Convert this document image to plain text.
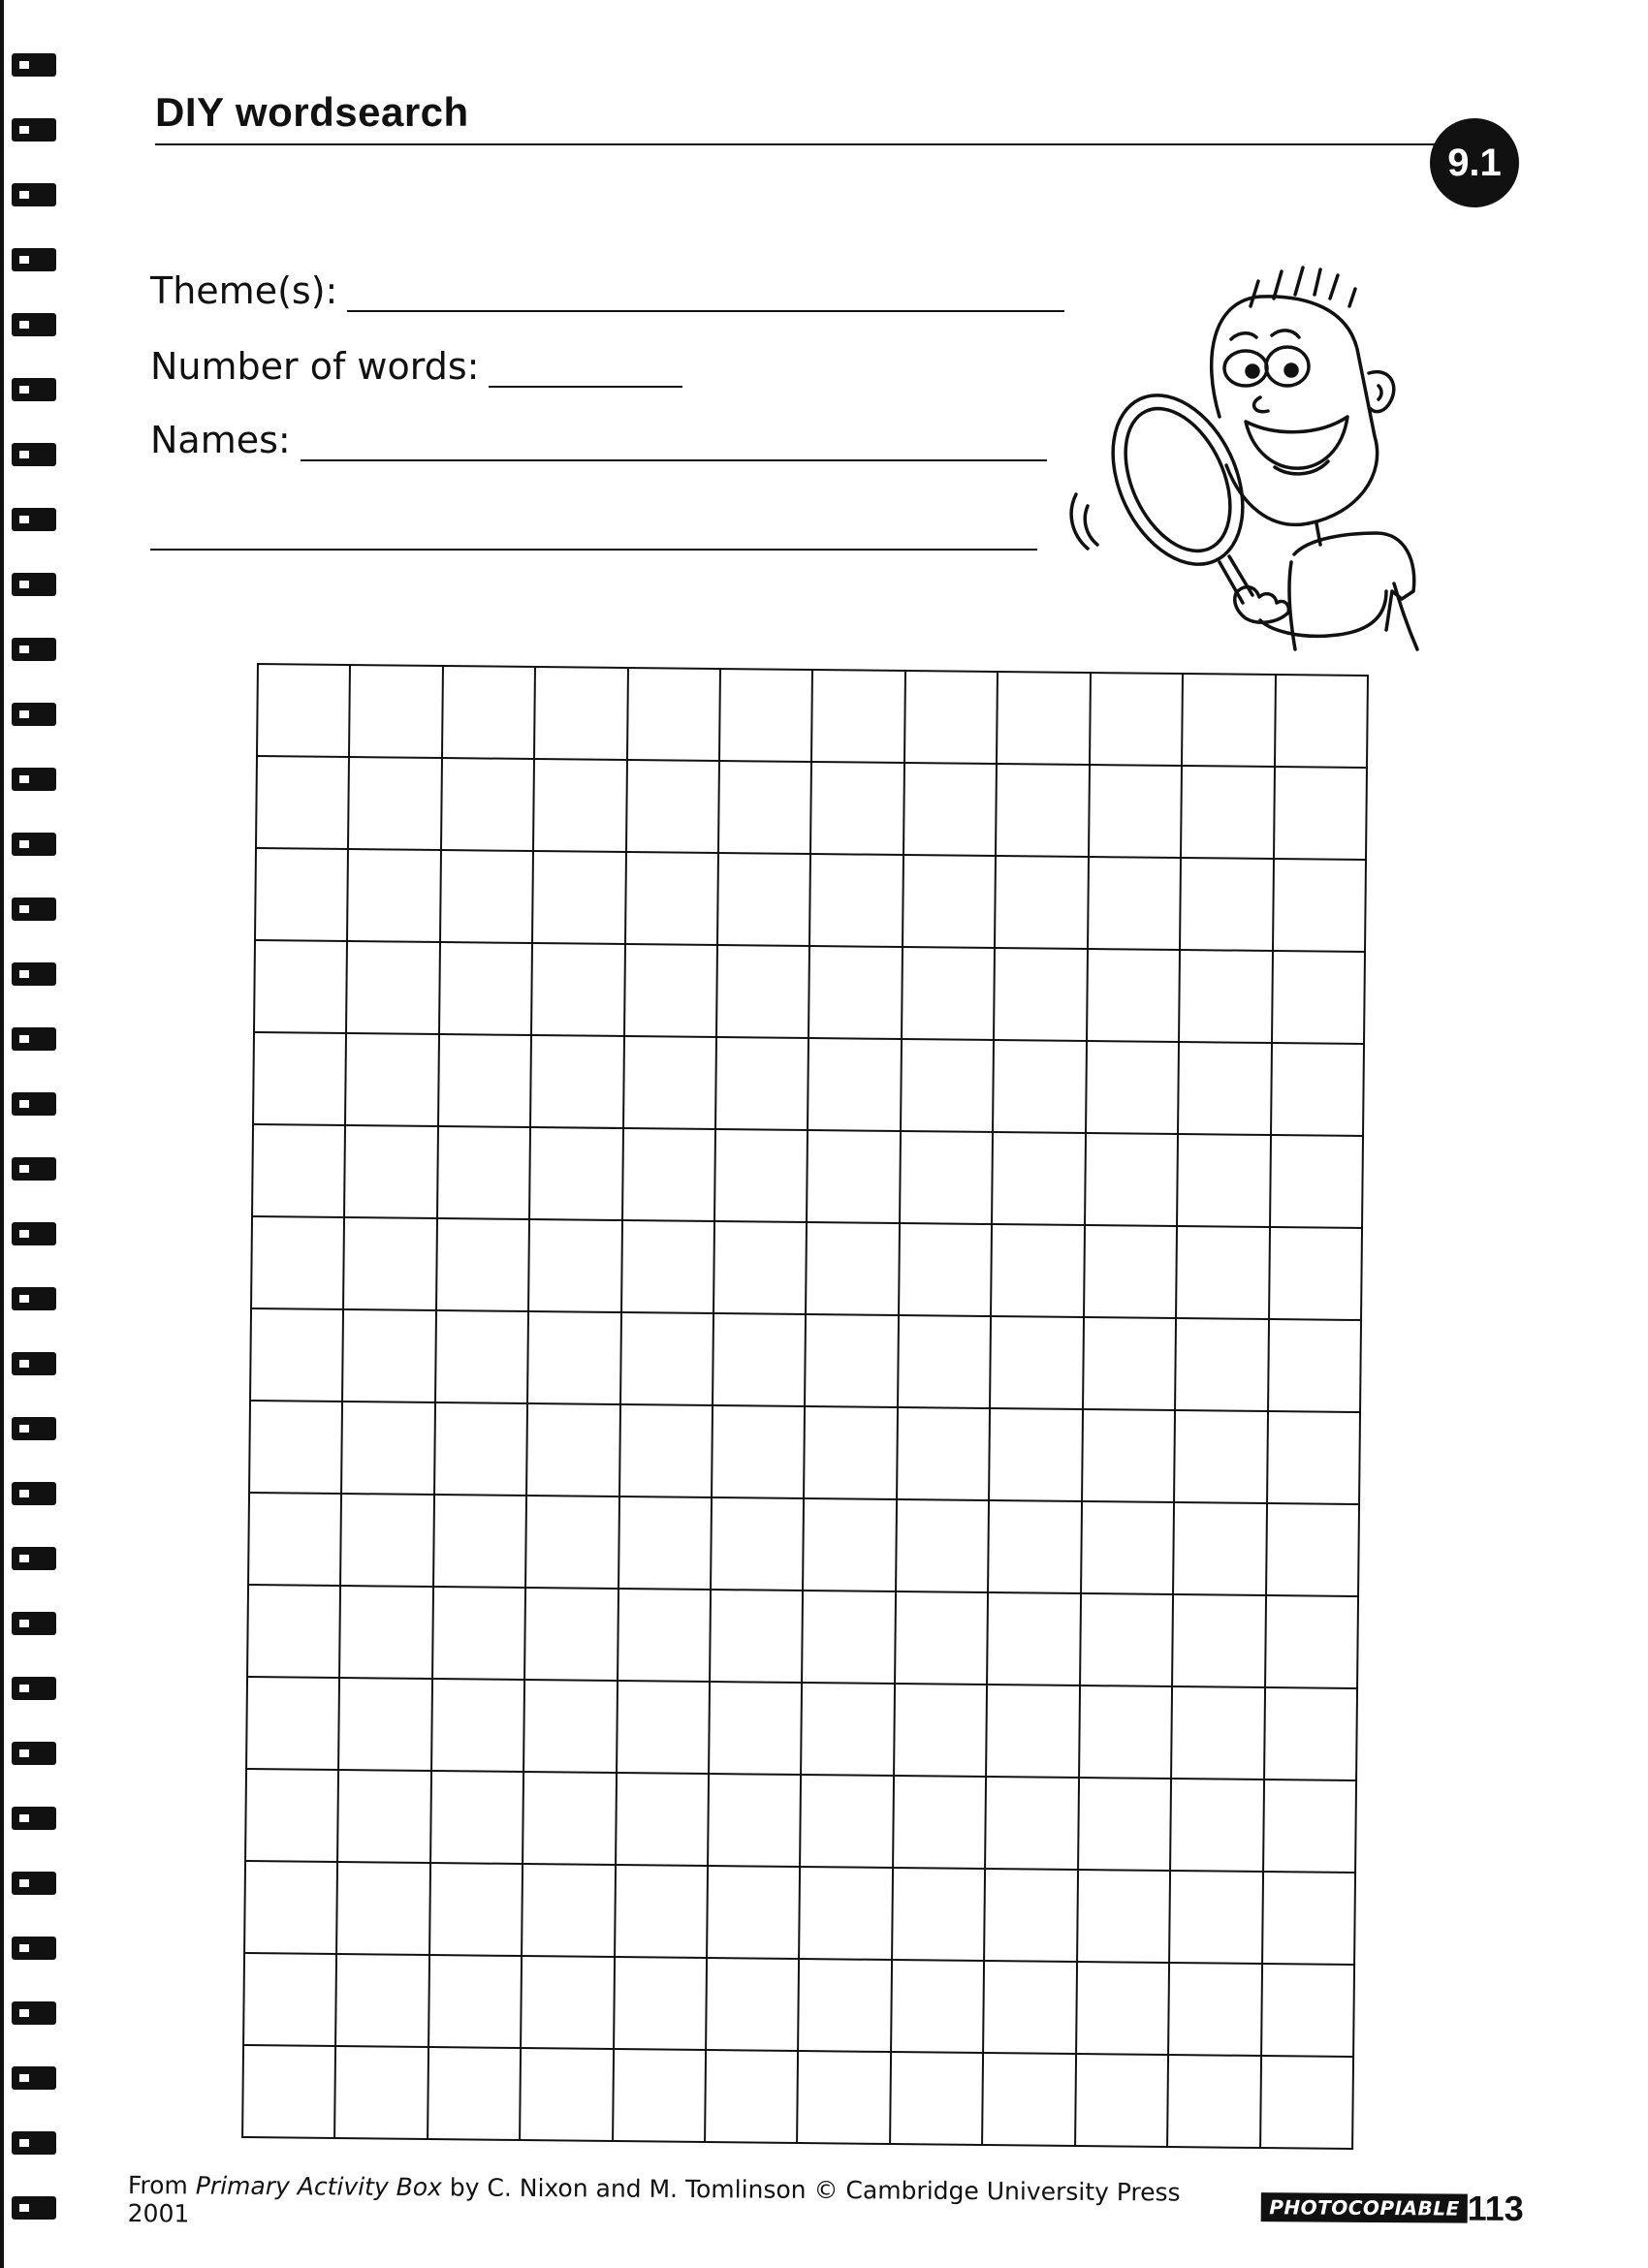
DIY wordsearch
9.1
Theme(s):
Number of words:
Names:
From Primary Activity Box by C. Nixon and M. Tomlinson © Cambridge University Press 2001	PHOTOCOPIABLE 113
